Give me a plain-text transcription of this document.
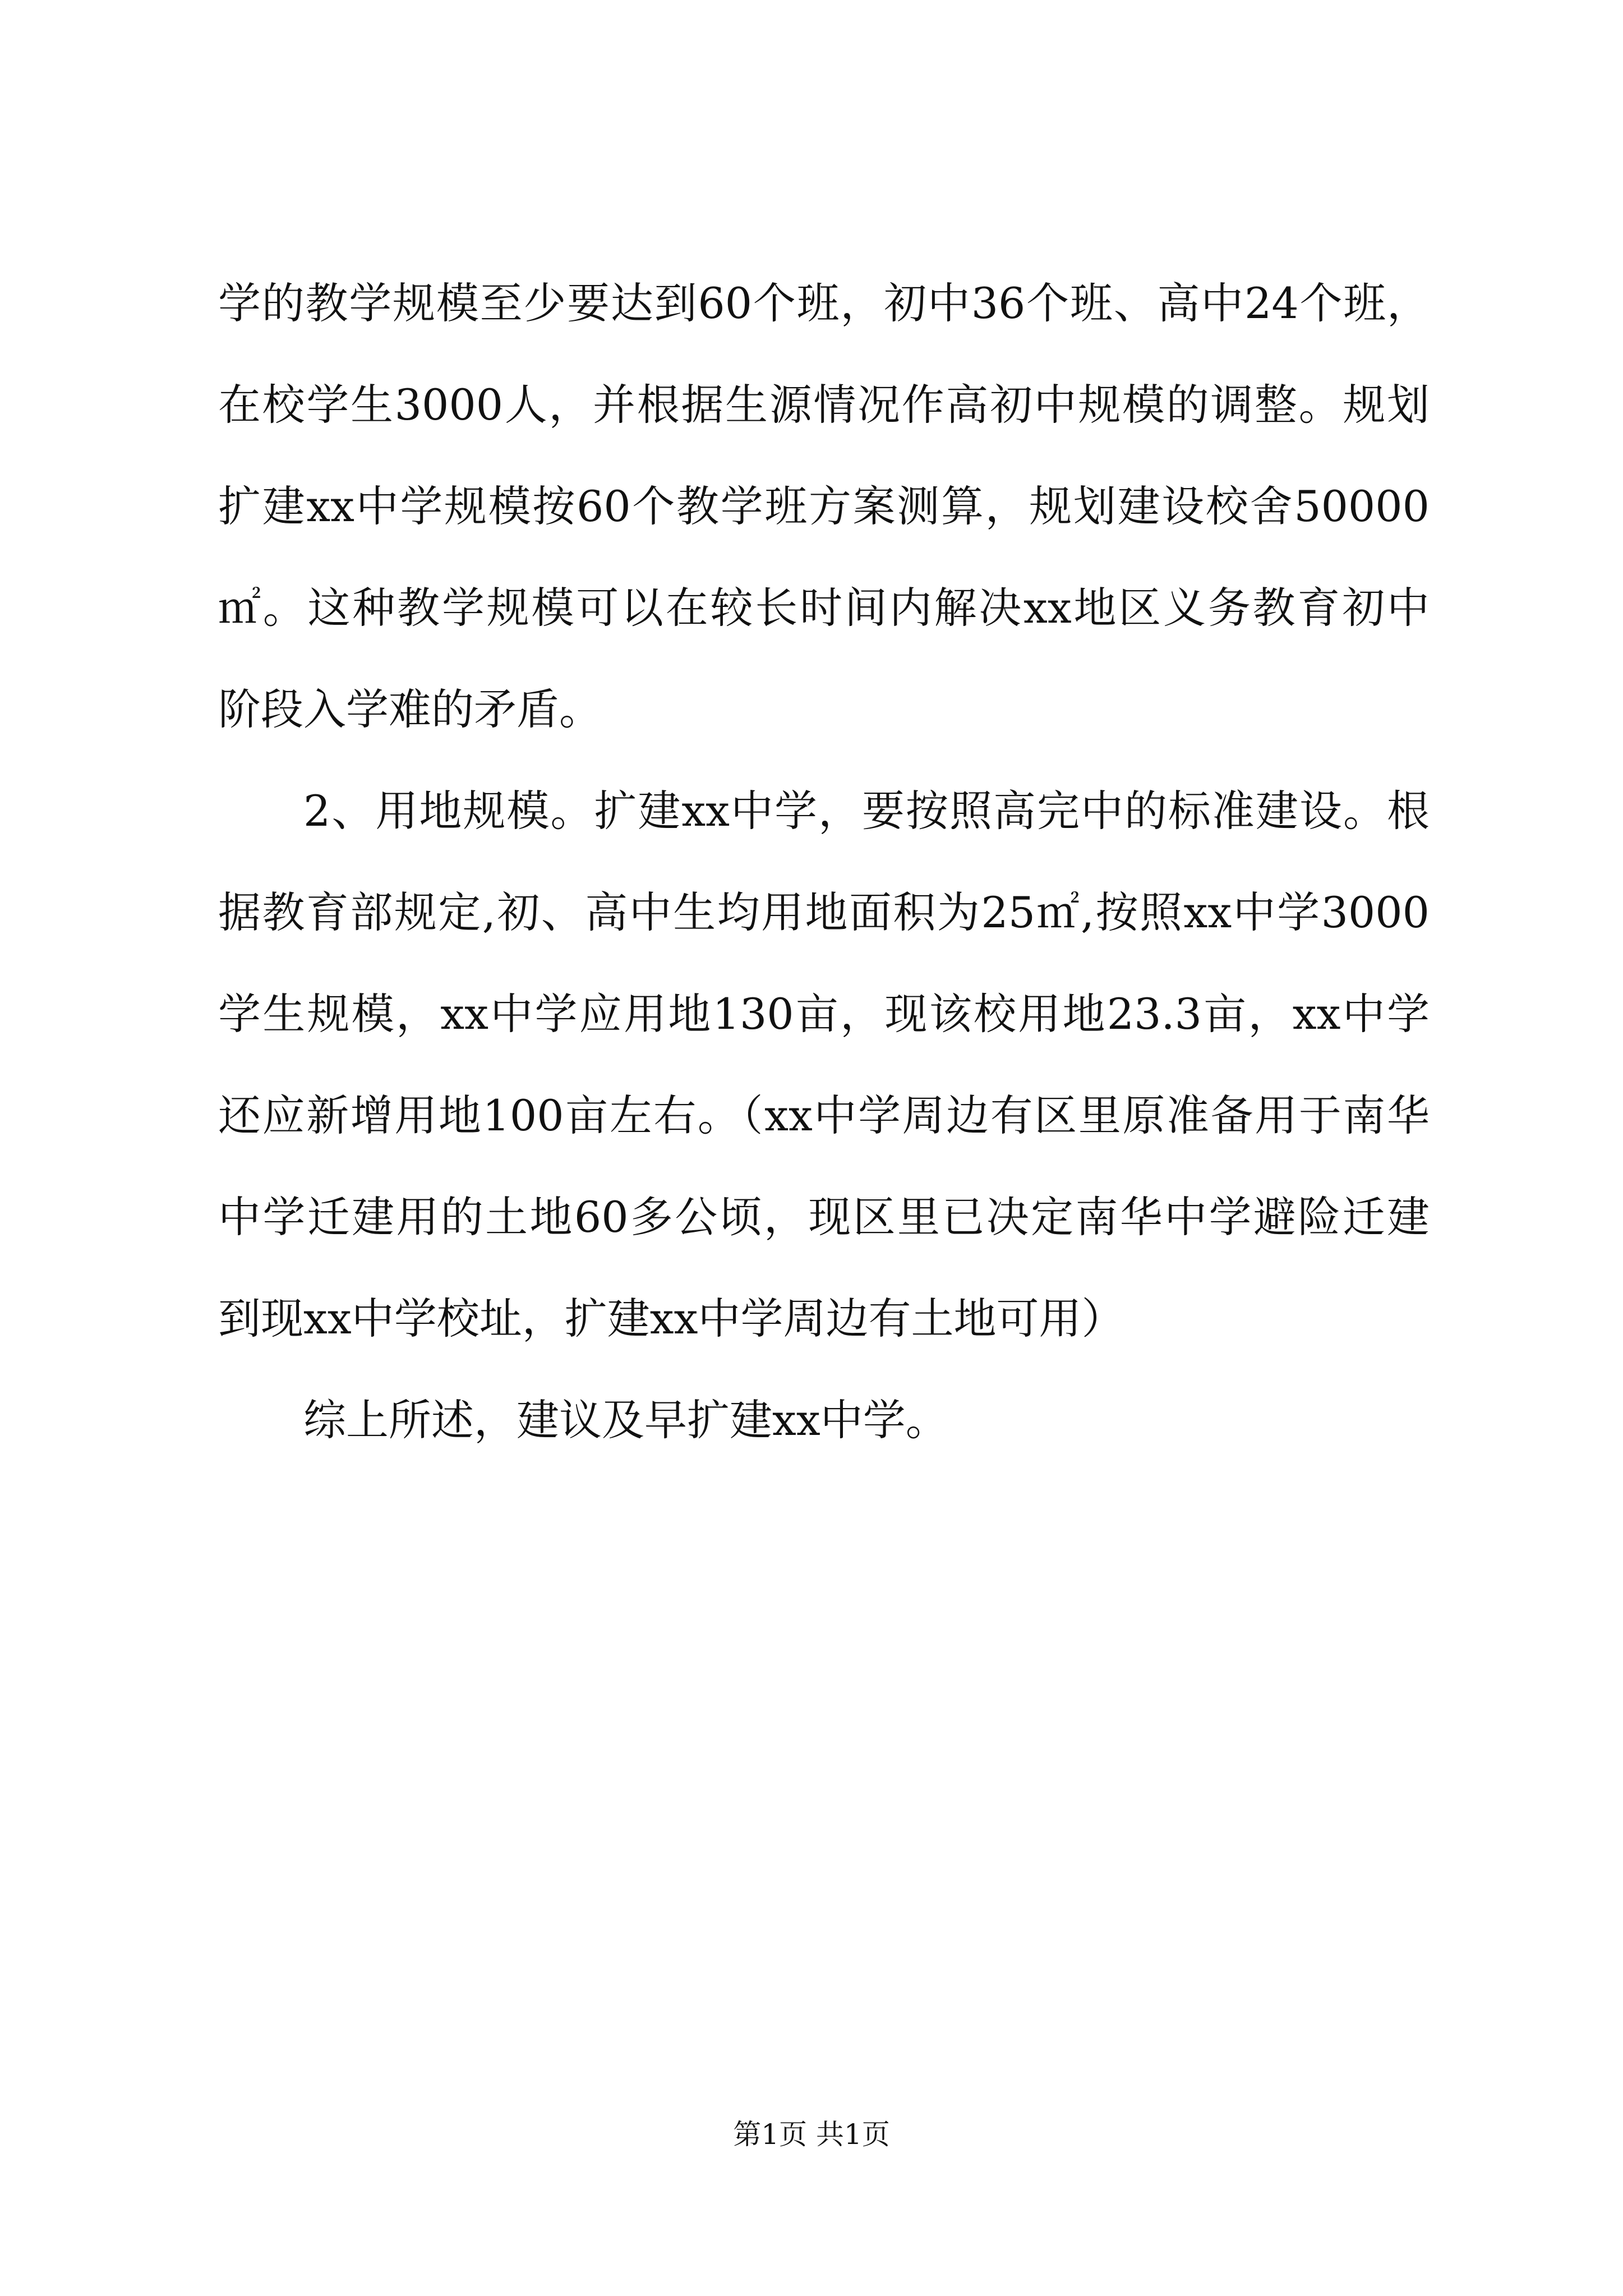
学的教学规模至少要达到60个班，初中36个班、高中24个班，
在校学生3000人，并根据生源情况作高初中规模的调整。规划
扩建xx中学规模按60个教学班方案测算，规划建设校舍50000
㎡。这种教学规模可以在较长时间内解决xx地区义务教育初中
阶段入学难的矛盾。
2、用地规模。扩建xx中学，要按照高完中的标准建设。根
据教育部规定,初、高中生均用地面积为25㎡,按照xx中学3000
学生规模，xx中学应用地130亩，现该校用地23.3亩，xx中学
还应新增用地100亩左右。（xx中学周边有区里原准备用于南华
中学迁建用的土地60多公顷，现区里已决定南华中学避险迁建
到现xx中学校址，扩建xx中学周边有土地可用）
综上所述，建议及早扩建xx中学。
第1页 共1页
